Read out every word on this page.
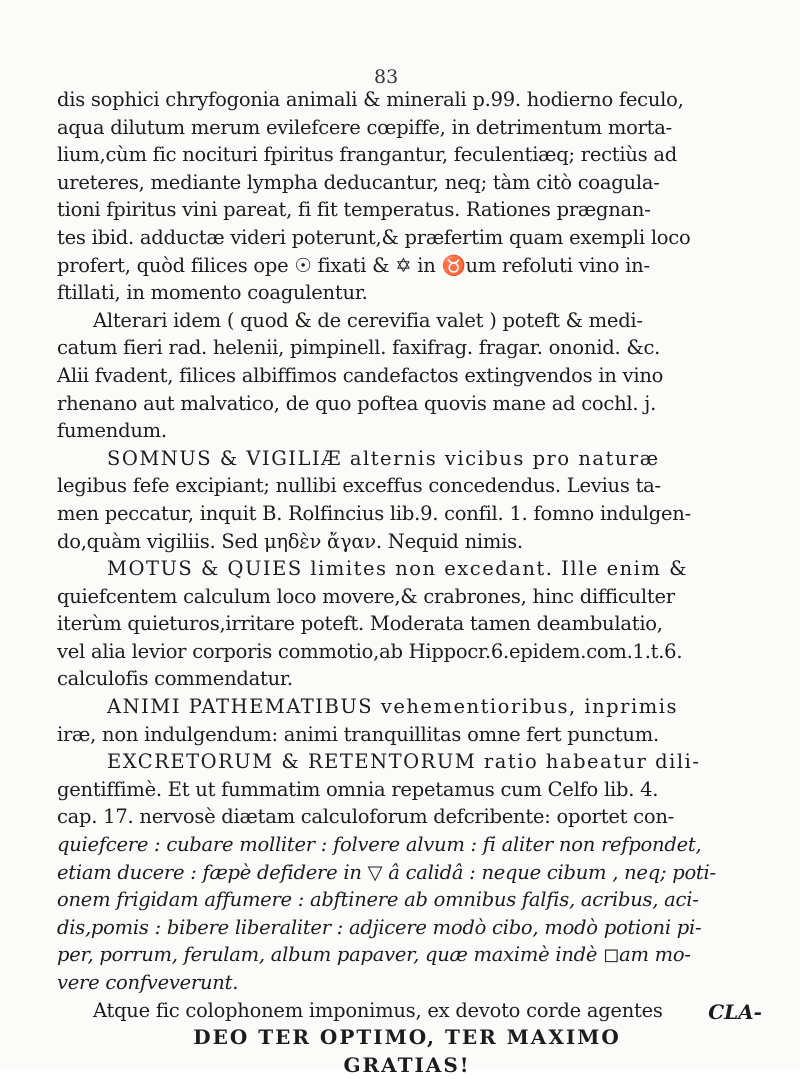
83
dis sophici chryfogonia animali & minerali p.99. hodierno feculo,
aqua dilutum merum evilefcere cœpiffe, in detrimentum morta-
lium,cùm fic nocituri fpiritus frangantur, feculentiæq; rectiùs ad
ureteres, mediante lympha deducantur, neq; tàm citò coagula-
tioni fpiritus vini pareat, fi fit temperatus. Rationes prægnan-
tes ibid. adductæ videri poterunt,& præfertim quam exempli loco
profert, quòd filices ope ☉ fixati & ✡ in ♉um refoluti vino in-
ftillati, in momento coagulentur.
Alterari idem ( quod & de cerevifia valet ) poteft & medi-
catum fieri rad. helenii, pimpinell. faxifrag. fragar. ononid. &c.
Alii fvadent, filices albiffimos candefactos extingvendos in vino
rhenano aut malvatico, de quo poftea quovis mane ad cochl. j.
fumendum.
SOMNUS & VIGILIÆ alternis vicibus pro naturæ
legibus fefe excipiant; nullibi exceffus concedendus. Levius ta-
men peccatur, inquit B. Rolfincius lib.9. confil. 1. fomno indulgen-
do,quàm vigiliis. Sed μηδὲν ἄγαν. Nequid nimis.
MOTUS & QUIES limites non excedant. Ille enim &
quiefcentem calculum loco movere,& crabrones, hinc difficulter
iterùm quieturos,irritare poteft. Moderata tamen deambulatio,
vel alia levior corporis commotio,ab Hippocr.6.epidem.com.1.t.6.
calculofis commendatur.
ANIMI PATHEMATIBUS vehementioribus, inprimis
iræ, non indulgendum: animi tranquillitas omne fert punctum.
EXCRETORUM & RETENTORUM ratio habeatur dili-
gentiffimè. Et ut fummatim omnia repetamus cum Celfo lib. 4.
cap. 17. nervosè diætam calculoforum defcribente: oportet con-
quiefcere : cubare molliter : folvere alvum : fi aliter non refpondet,
etiam ducere : fæpè defidere in ▽ â calidâ : neque cibum , neq; poti-
onem frigidam affumere : abftinere ab omnibus falfis, acribus, aci-
dis,pomis : bibere liberaliter : adjicere modò cibo, modò potioni pi-
per, porrum, ferulam, album papaver, quæ maximè indè ◻am mo-
vere confveverunt.
Atque fic colophonem imponimus, ex devoto corde agentes
DEO TER OPTIMO, TER MAXIMO
GRATIAS!
CLA-
